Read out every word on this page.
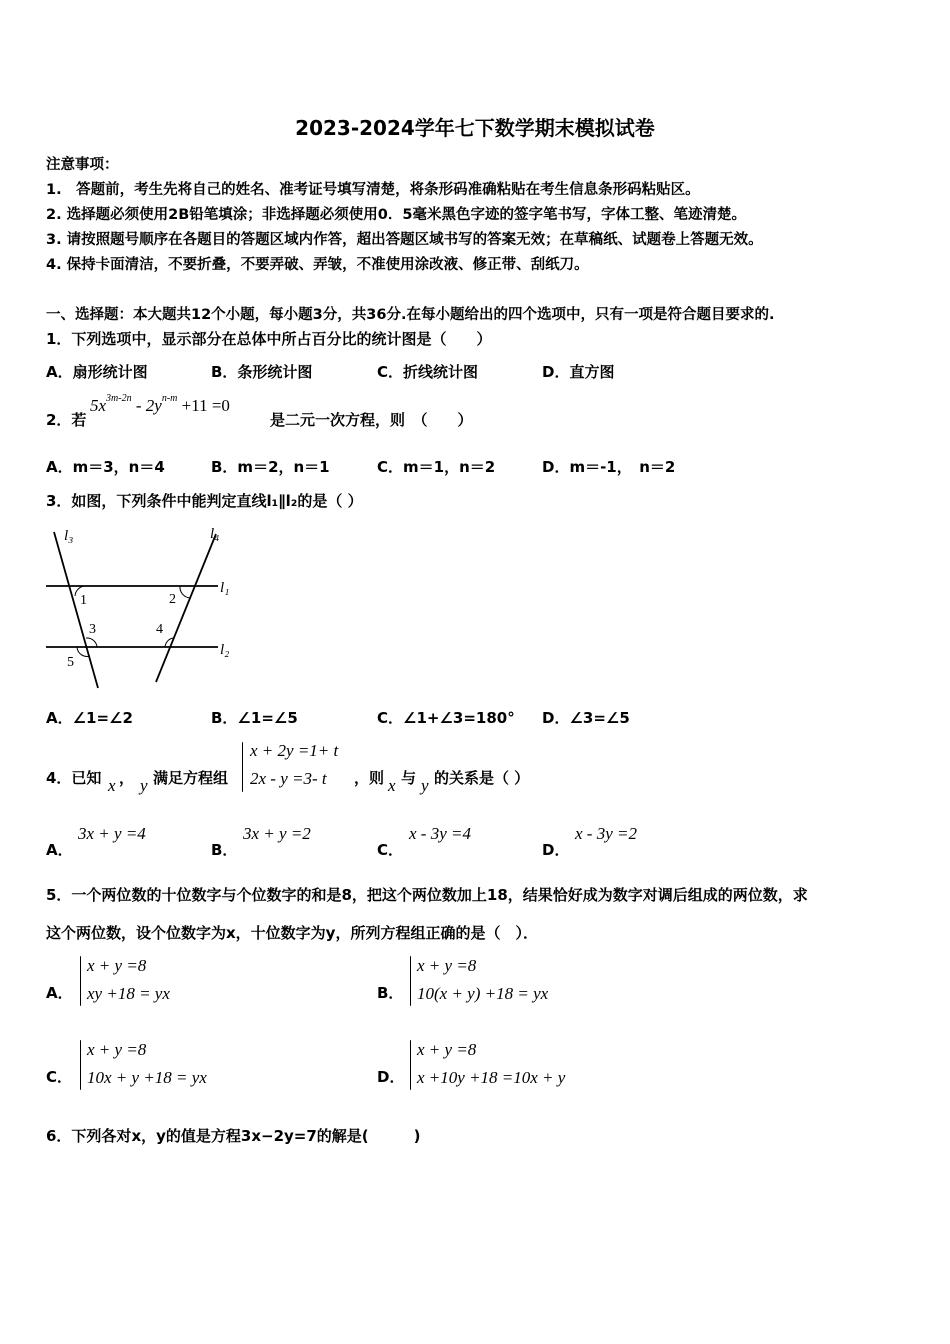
2023-2024学年七下数学期末模拟试卷
注意事项：
1.　答题前，考生先将自己的姓名、准考证号填写清楚，将条形码准确粘贴在考生信息条形码粘贴区。
2. 选择题必须使用2B铅笔填涂；非选择题必须使用0．5毫米黑色字迹的签字笔书写，字体工整、笔迹清楚。
3. 请按照题号顺序在各题目的答题区域内作答，超出答题区域书写的答案无效；在草稿纸、试题卷上答题无效。
4. 保持卡面清洁，不要折叠，不要弄破、弄皱，不准使用涂改液、修正带、刮纸刀。
一、选择题：本大题共12个小题，每小题3分，共36分.在每小题给出的四个选项中，只有一项是符合题目要求的.
1．下列选项中，显示部分在总体中所占百分比的统计图是（　　）
A．扇形统计图	B．条形统计图	C．折线统计图	D．直方图
2．若
$5x^{3m-2n} - 2y^{n-m} +11 =0$
是二元一次方程，则　（　　）
A．m＝3，n＝4	B．m＝2，n＝1	C．m＝1，n＝2	D．m＝-1，　n＝2
3．如图，下列条件中能判定直线l₁∥l₂的是（ ）
l₃	l₄
l₁
l₂
1	2
3	4
5
A．∠1=∠2	B．∠1=∠5	C．∠1+∠3=180° D．∠3=∠5
4．已知 x ， y 满足方程组
x + 2y =1+ t
2x - y =3- t	，则 x 与 y 的关系是（ ）
A．
3x + y =4
B．
3x + y =2
C．
x - 3y =4
D．
x - 3y =2
5．一个两位数的十位数字与个位数字的和是8，把这个两位数加上18，结果恰好成为数字对调后组成的两位数，求
这个两位数，设个位数字为x，十位数字为y，所列方程组正确的是（　）．
A．
x + y =8
xy +18 = yx	B．
x + y =8
10(x + y) +18 = yx
C．
x + y =8
10x + y +18 = yx	D．
x + y =8
x +10y +18 =10x + y
6．下列各对x，y的值是方程3x−2y=7的解是(　　　)
